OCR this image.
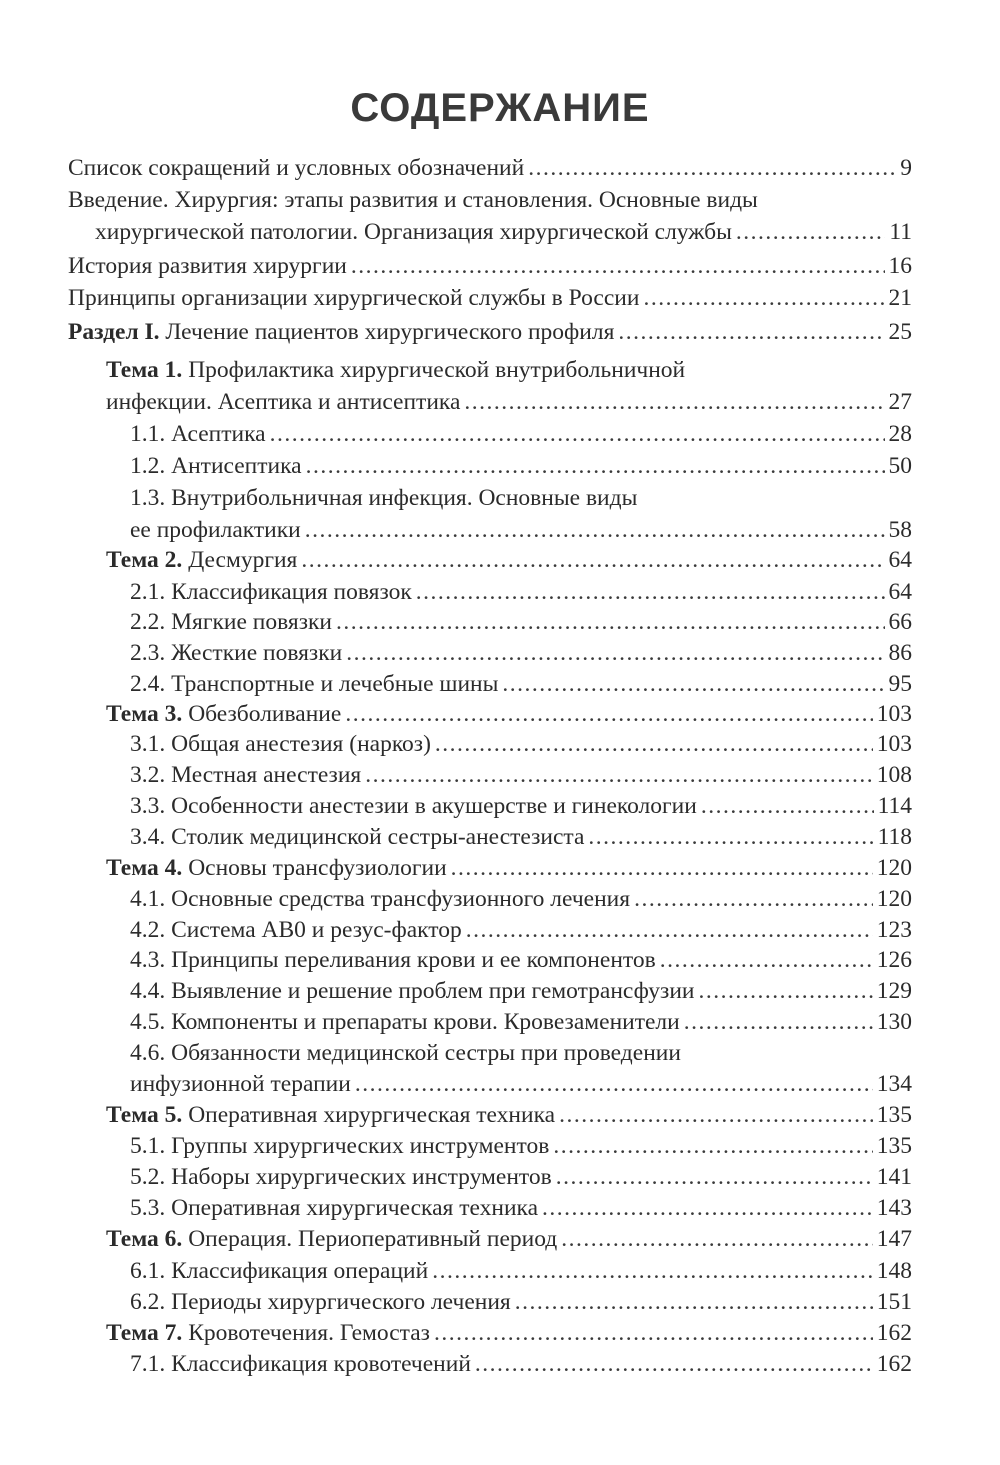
СОДЕРЖАНИЕ
Список сокращений и условных обозначений .....	9
Введение. Хирургия: этапы развития и становления. Основные виды
хирургической патологии. Организация хирургической службы .....	11
История развития хирургии .....	16
Принципы организации хирургической службы в России .....	21
Раздел I. Лечение пациентов хирургического профиля .....	25
Тема 1. Профилактика хирургической внутрибольничной
инфекции. Асептика и антисептика .....	27
1.1. Асептика .....	28
1.2. Антисептика .....	50
1.3. Внутрибольничная инфекция. Основные виды
ее профилактики .....	58
Тема 2. Десмургия .....	64
2.1. Классификация повязок .....	64
2.2. Мягкие повязки .....	66
2.3. Жесткие повязки .....	86
2.4. Транспортные и лечебные шины .....	95
Тема 3. Обезболивание .....	103
3.1. Общая анестезия (наркоз) .....	103
3.2. Местная анестезия .....	108
3.3. Особенности анестезии в акушерстве и гинекологии .....	114
3.4. Столик медицинской сестры-анестезиста .....	118
Тема 4. Основы трансфузиологии .....	120
4.1. Основные средства трансфузионного лечения .....	120
4.2. Система АВ0 и резус-фактор .....	123
4.3. Принципы переливания крови и ее компонентов .....	126
4.4. Выявление и решение проблем при гемотрансфузии .....	129
4.5. Компоненты и препараты крови. Кровезаменители .....	130
4.6. Обязанности медицинской сестры при проведении
инфузионной терапии .....	134
Тема 5. Оперативная хирургическая техника .....	135
5.1. Группы хирургических инструментов .....	135
5.2. Наборы хирургических инструментов .....	141
5.3. Оперативная хирургическая техника .....	143
Тема 6. Операция. Периоперативный период .....	147
6.1. Классификация операций .....	148
6.2. Периоды хирургического лечения .....	151
Тема 7. Кровотечения. Гемостаз .....	162
7.1. Классификация кровотечений .....	162
